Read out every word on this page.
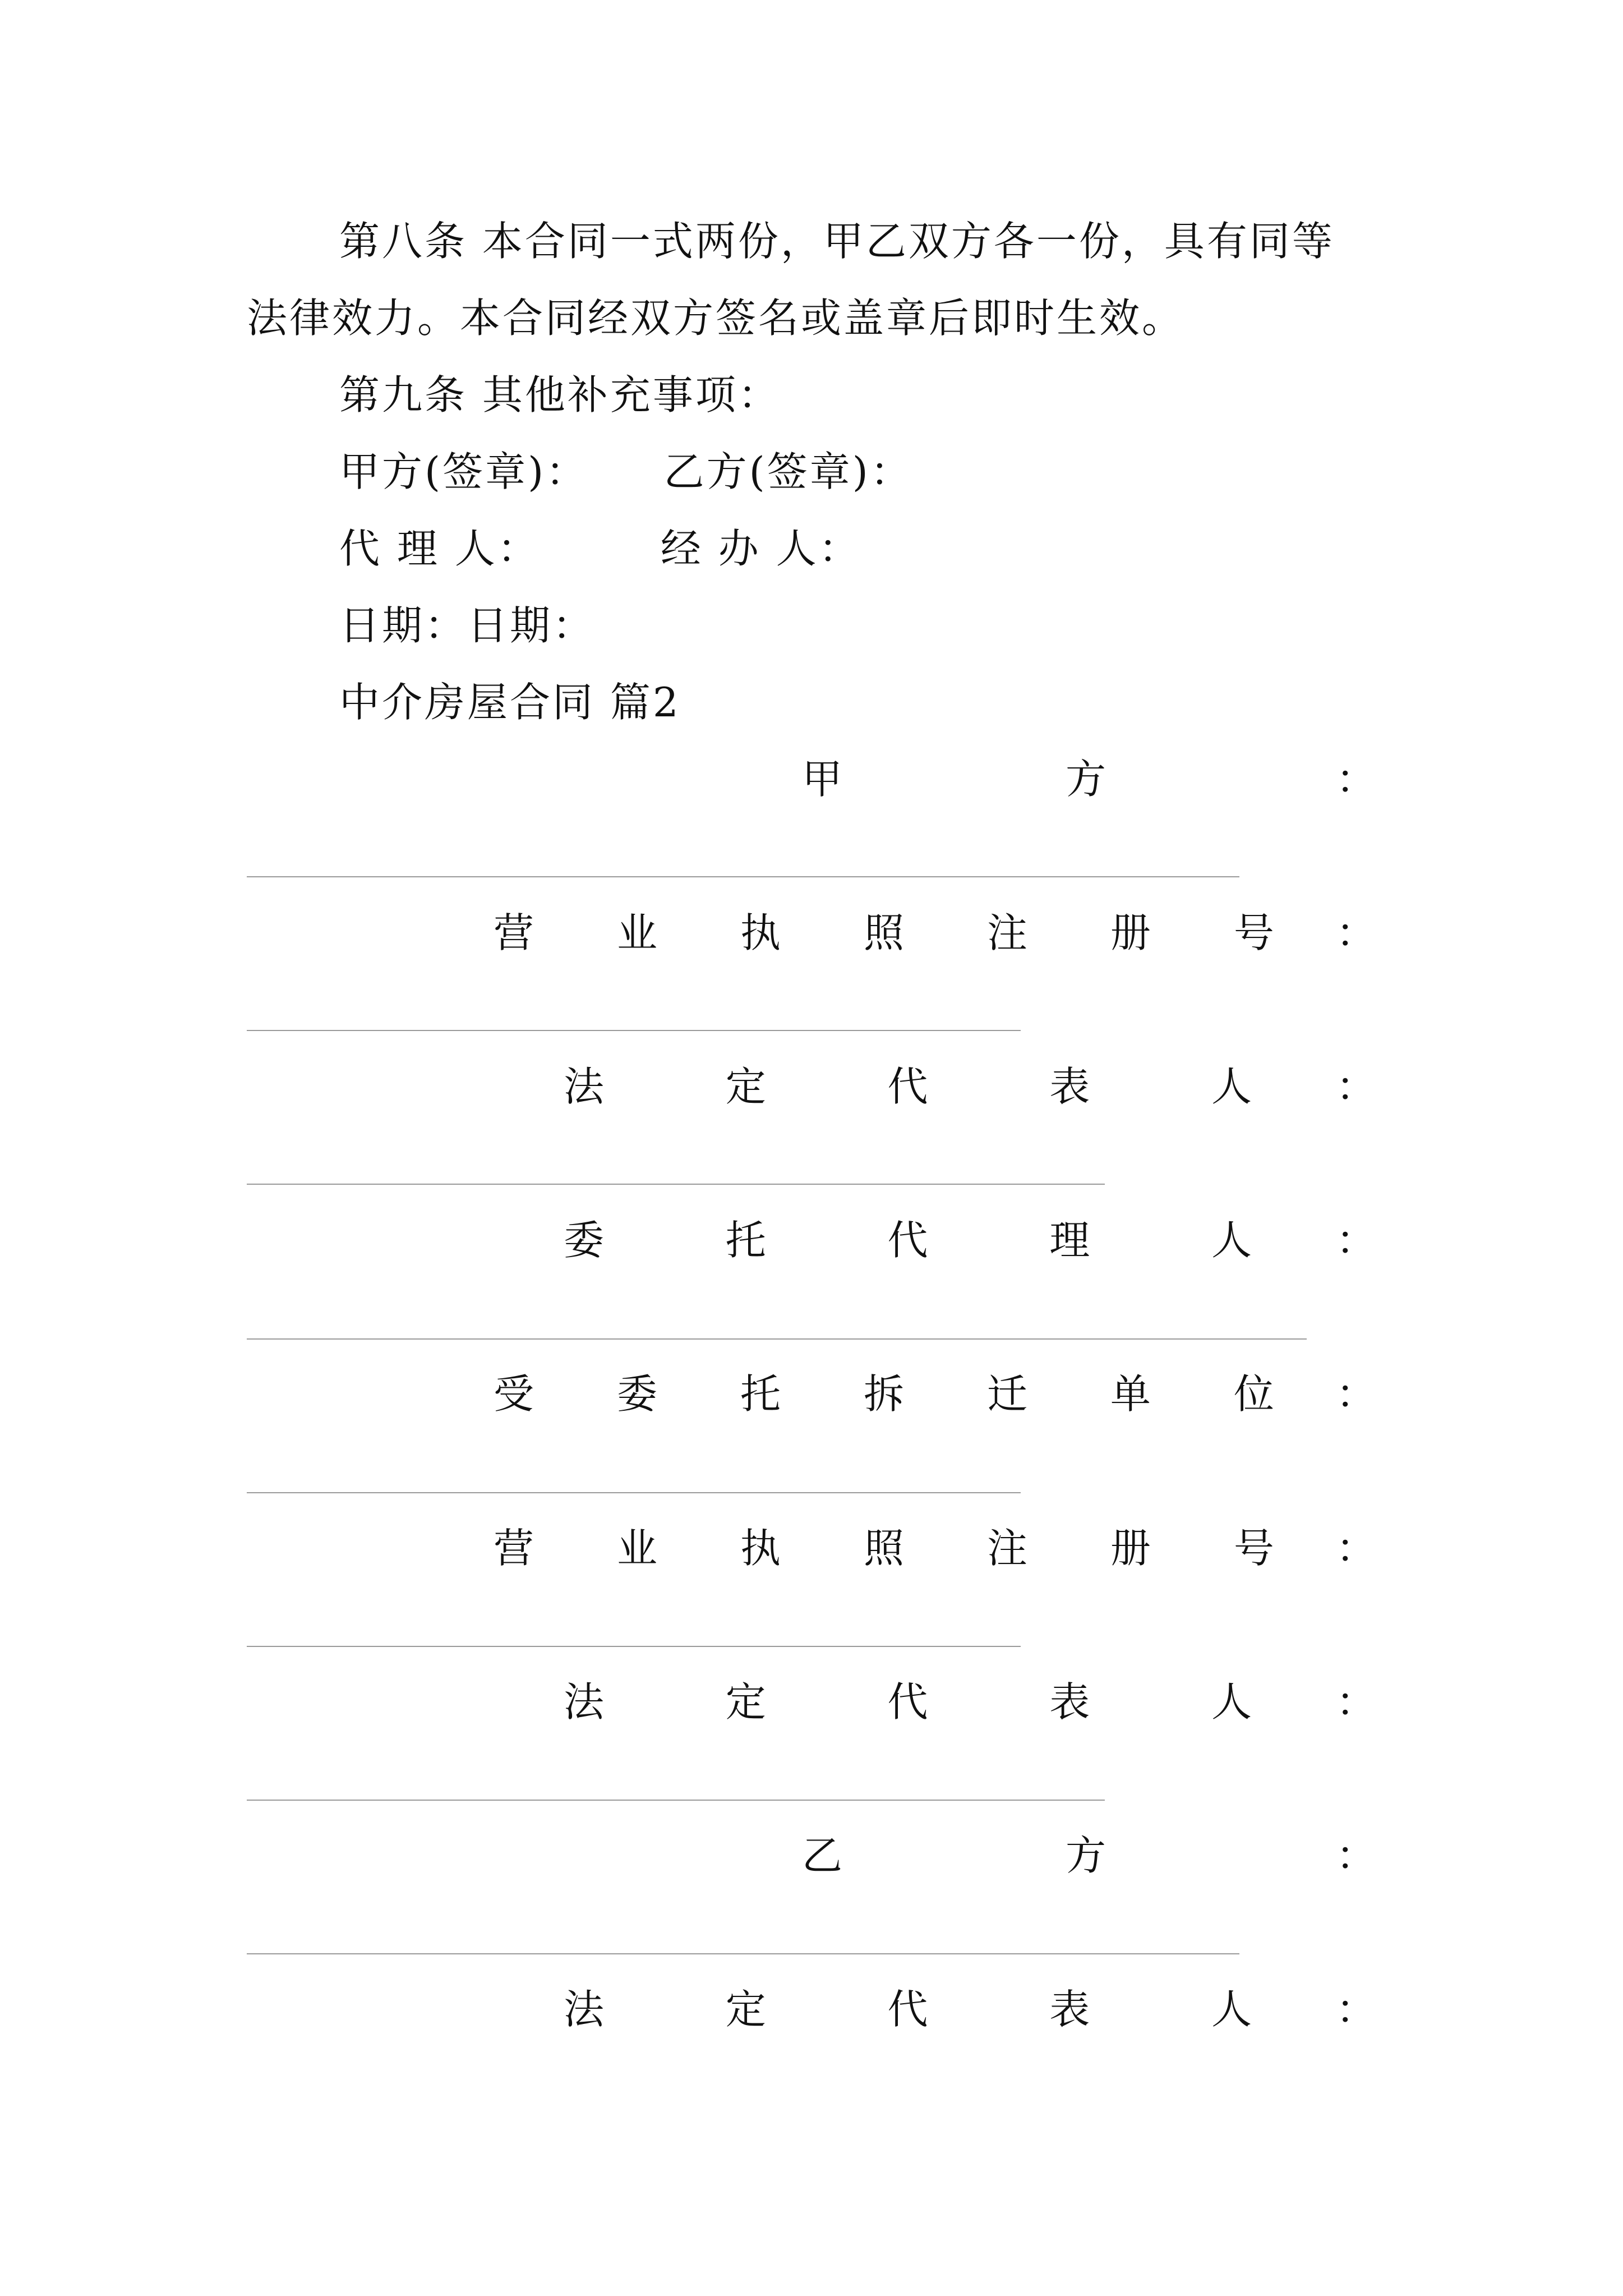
第八条 本合同一式两份，甲乙双方各一份，具有同等
法律效力。本合同经双方签名或盖章后即时生效。
第九条 其他补充事项：
甲方(签章)：     乙方(签章)：
代 理 人：        经 办 人：
日期：日期：
中介房屋合同 篇2
甲	方	：
营 业 执 照 注 册 号 ：
法	定	代	表	人 ：
委	托	代	理	人 ：
受 委 托 拆 迁 单 位 ：
营 业 执 照 注 册 号 ：
法	定	代	表	人 ：
乙	方	：
法	定	代	表	人 ：
